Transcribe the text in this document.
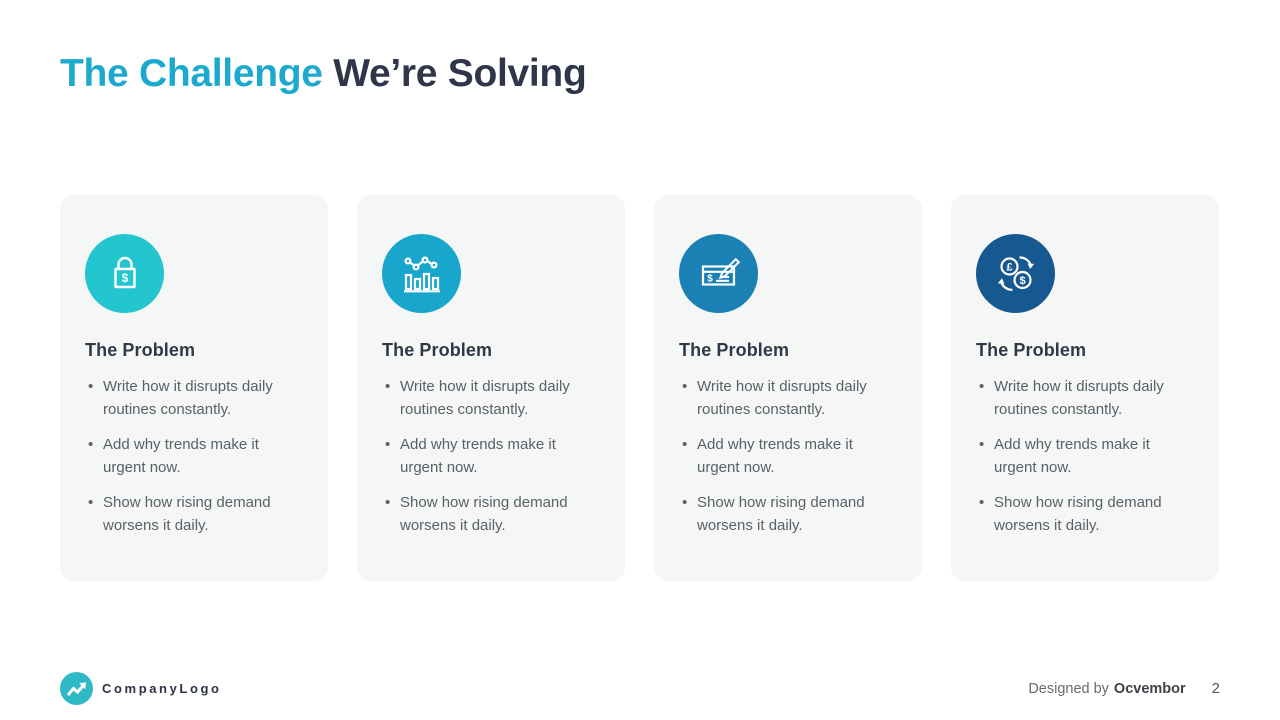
The Challenge We’re Solving
$
The Problem
• Write how it disrupts daily routines constantly.
• Add why trends make it urgent now.
• Show how rising demand worsens it daily.
The Problem
• Write how it disrupts daily routines constantly.
• Add why trends make it urgent now.
• Show how rising demand worsens it daily.
$
The Problem
• Write how it disrupts daily routines constantly.
• Add why trends make it urgent now.
• Show how rising demand worsens it daily.
£
$
The Problem
• Write how it disrupts daily routines constantly.
• Add why trends make it urgent now.
• Show how rising demand worsens it daily.
CompanyLogo	Designed by Ocvembor 2
